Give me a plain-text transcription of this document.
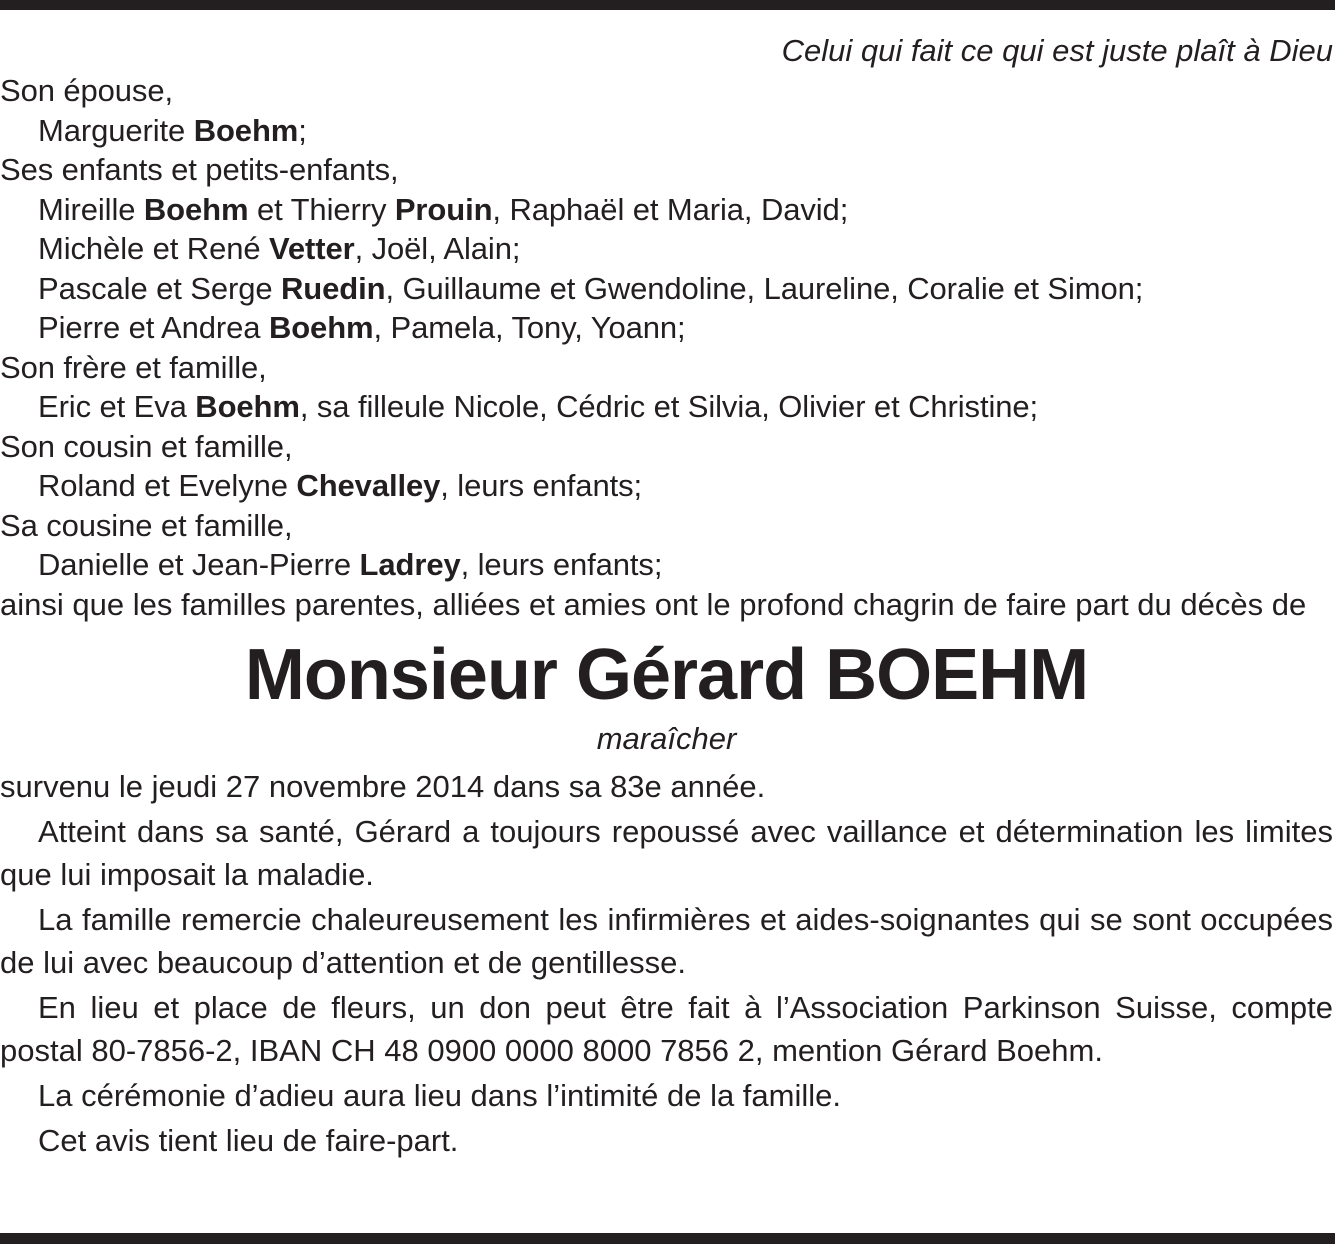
Celui qui fait ce qui est juste plaît à Dieu
Son épouse,
Marguerite Boehm;
Ses enfants et petits-enfants,
Mireille Boehm et Thierry Prouin, Raphaël et Maria, David;
Michèle et René Vetter, Joël, Alain;
Pascale et Serge Ruedin, Guillaume et Gwendoline, Laureline, Coralie et Simon;
Pierre et Andrea Boehm, Pamela, Tony, Yoann;
Son frère et famille,
Eric et Eva Boehm, sa filleule Nicole, Cédric et Silvia, Olivier et Christine;
Son cousin et famille,
Roland et Evelyne Chevalley, leurs enfants;
Sa cousine et famille,
Danielle et Jean-Pierre Ladrey, leurs enfants;
ainsi que les familles parentes, alliées et amies ont le profond chagrin de faire part du décès de
Monsieur Gérard BOEHM
maraîcher
survenu le jeudi 27 novembre 2014 dans sa 83e année.
Atteint dans sa santé, Gérard a toujours repoussé avec vaillance et détermination les limites que lui imposait la maladie.
La famille remercie chaleureusement les infirmières et aides-soignantes qui se sont occupées de lui avec beaucoup d’attention et de gentillesse.
En lieu et place de fleurs, un don peut être fait à l’Association Parkinson Suisse, compte postal 80-7856-2, IBAN CH 48 0900 0000 8000 7856 2, mention Gérard Boehm.
La cérémonie d’adieu aura lieu dans l’intimité de la famille.
Cet avis tient lieu de faire-part.
